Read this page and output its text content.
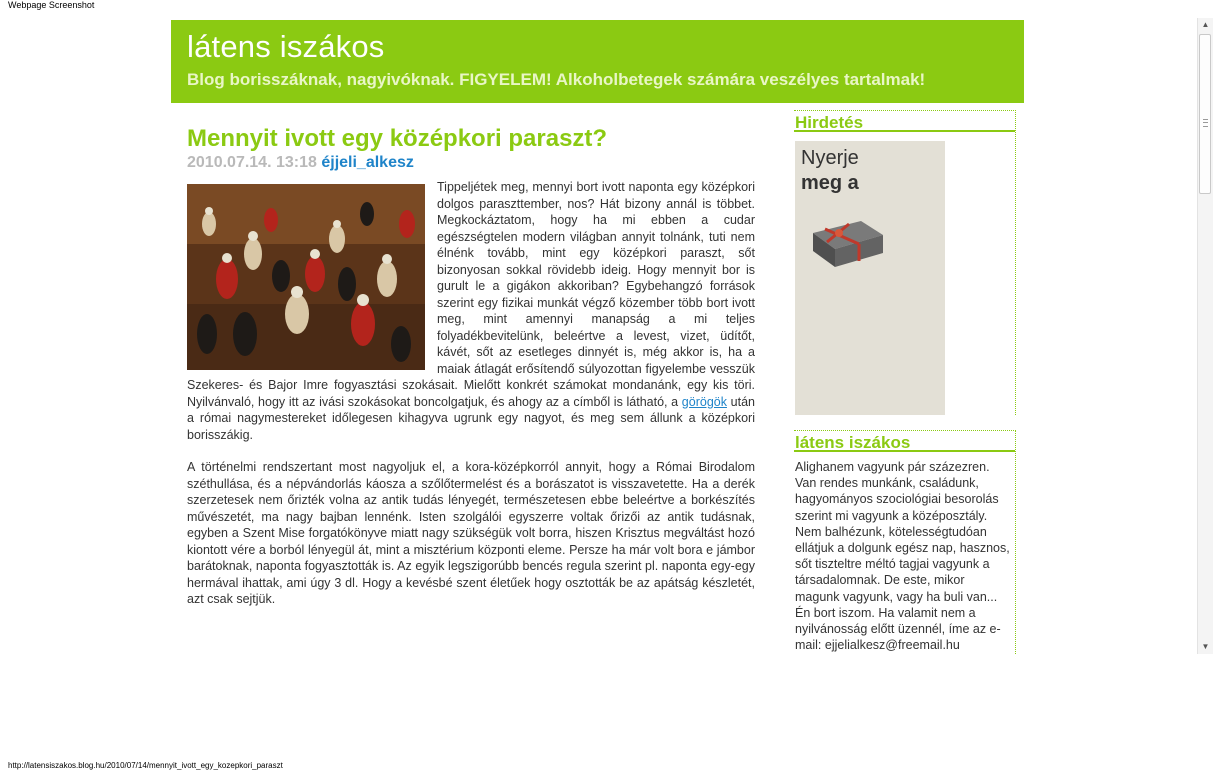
Webpage Screenshot
látens iszákos
Blog borisszáknak, nagyivóknak. FIGYELEM! Alkoholbetegek számára veszélyes tartalmak!
Mennyit ivott egy középkori paraszt?
2010.07.14. 13:18 éjjeli_alkesz

Tippeljétek meg, mennyi bort ivott naponta egy középkori dolgos paraszttember, nos? Hát bizony annál is többet. Megkockáztatom, hogy ha mi ebben a cudar egészségtelen modern világban annyit tolnánk, tuti nem élnénk tovább, mint egy középkori paraszt, sőt bizonyosan sokkal rövidebb ideig. Hogy mennyit bor is gurult le a gigákon akkoriban? Egybehangzó források szerint egy fizikai munkát végző közember több bort ivott meg, mint amennyi manapság a mi teljes folyadékbevitelünk, beleértve a levest, vizet, üdítőt, kávét, sőt az esetleges dinnyét is, még akkor is, ha a maiak átlagát erősítendő súlyozottan figyelembe vesszük Szekeres- és Bajor Imre fogyasztási szokásait. Mielőtt konkrét számokat mondanánk, egy kis töri. Nyilvánvaló, hogy itt az ivási szokásokat boncolgatjuk, és ahogy az a címből is látható, a görögök után a római nagymestereket időlegesen kihagyva ugrunk egy nagyot, és meg sem állunk a középkori borisszákig.

A történelmi rendszertant most nagyoljuk el, a kora-középkorról annyit, hogy a Római Birodalom széthullása, és a népvándorlás káosza a szőlőtermelést és a borászatot is visszavetette. Ha a derék szerzetesek nem őrizték volna az antik tudás lényegét, természetesen ebbe beleértve a borkészítés művészetét, ma nagy bajban lennénk. Isten szolgálói egyszerre voltak őrizői az antik tudásnak, egyben a Szent Mise forgatókönyve miatt nagy szükségük volt borra, hiszen Krisztus megváltást hozó kiontott vére a borból lényegül át, mint a misztérium központi eleme. Persze ha már volt bora e jámbor barátoknak, naponta fogyasztották is. Az egyik legszigorúbb bencés regula szerint pl. naponta egy-egy hermával ihattak, ami úgy 3 dl. Hogy a kevésbé szent életűek hogy osztották be az apátság készletét, azt csak sejtjük.

Hirdetés
Nyerje
meg a
látens iszákos
Alighanem vagyunk pár százezren. Van rendes munkánk, családunk, hagyományos szociológiai besorolás szerint mi vagyunk a középosztály. Nem balhézunk, kötelességtudóan ellátjuk a dolgunk egész nap, hasznos, sőt tiszteltre méltó tagjai vagyunk a társadalomnak. De este, mikor magunk vagyunk, vagy ha buli van... Én bort iszom. Ha valamit nem a nyilvánosság előtt üzennél, íme az e-mail: ejjelialkesz@freemail.hu
▲
▼
http://latensiszakos.blog.hu/2010/07/14/mennyit_ivott_egy_kozepkori_paraszt
